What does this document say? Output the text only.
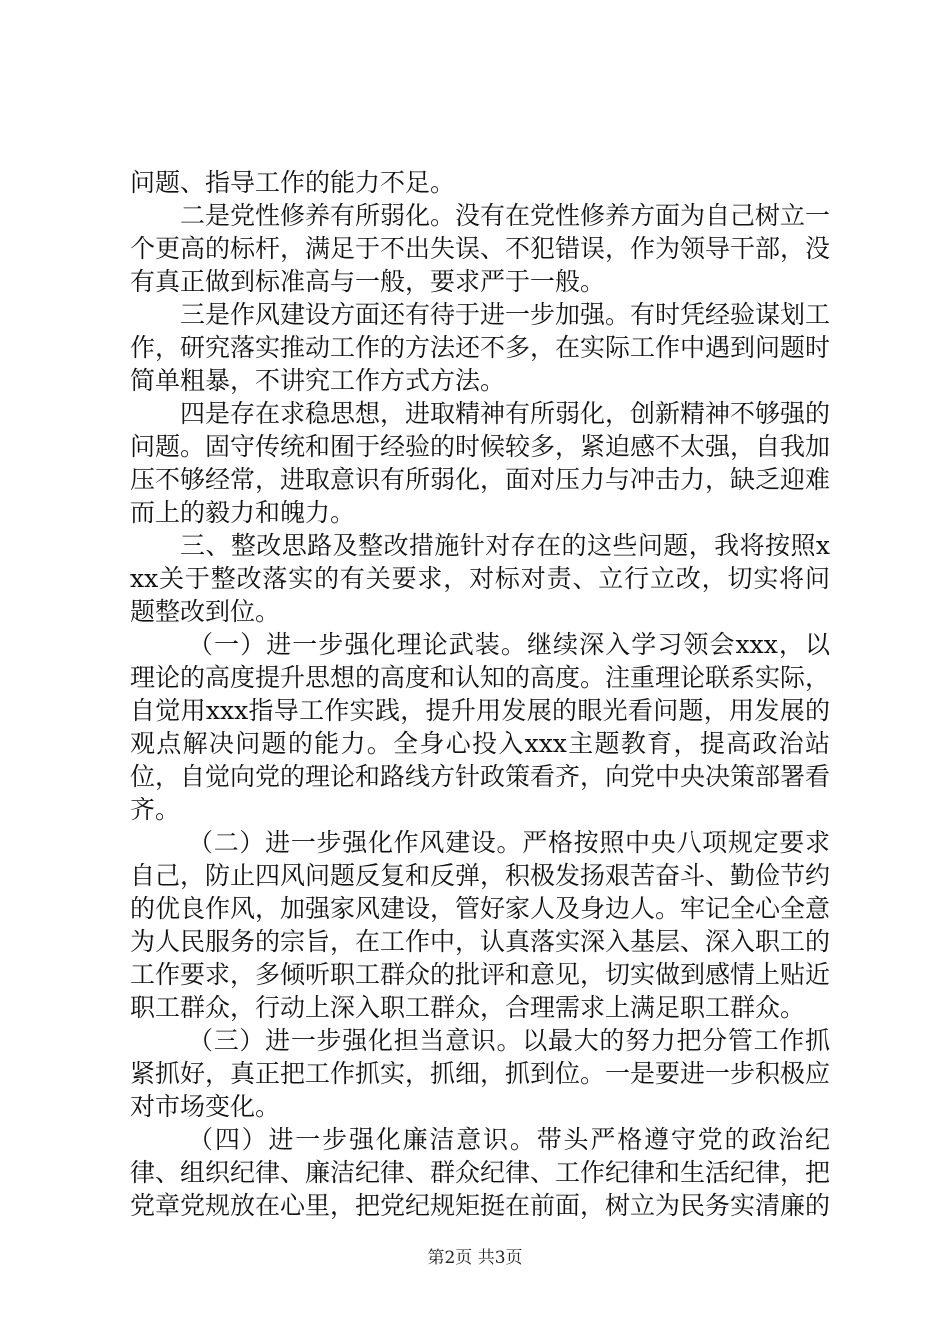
问题、指导工作的能力不足。

二是党性修养有所弱化。没有在党性修养方面为自己树立一个更高的标杆，满足于不出失误、不犯错误，作为领导干部，没有真正做到标准高与一般，要求严于一般。

三是作风建设方面还有待于进一步加强。有时凭经验谋划工作，研究落实推动工作的方法还不多，在实际工作中遇到问题时简单粗暴，不讲究工作方式方法。

四是存在求稳思想，进取精神有所弱化，创新精神不够强的问题。固守传统和囿于经验的时候较多，紧迫感不太强，自我加压不够经常，进取意识有所弱化，面对压力与冲击力，缺乏迎难而上的毅力和魄力。

三、整改思路及整改措施针对存在的这些问题，我将按照xxx关于整改落实的有关要求，对标对责、立行立改，切实将问题整改到位。

（一）进一步强化理论武装。继续深入学习领会xxx，以理论的高度提升思想的高度和认知的高度。注重理论联系实际，自觉用xxx指导工作实践，提升用发展的眼光看问题，用发展的观点解决问题的能力。全身心投入xxx主题教育，提高政治站位，自觉向党的理论和路线方针政策看齐，向党中央决策部署看齐。

（二）进一步强化作风建设。严格按照中央八项规定要求自己，防止四风问题反复和反弹，积极发扬艰苦奋斗、勤俭节约的优良作风，加强家风建设，管好家人及身边人。牢记全心全意为人民服务的宗旨，在工作中，认真落实深入基层、深入职工的工作要求，多倾听职工群众的批评和意见，切实做到感情上贴近职工群众，行动上深入职工群众，合理需求上满足职工群众。

（三）进一步强化担当意识。以最大的努力把分管工作抓紧抓好，真正把工作抓实，抓细，抓到位。一是要进一步积极应对市场变化。

（四）进一步强化廉洁意识。带头严格遵守党的政治纪律、组织纪律、廉洁纪律、群众纪律、工作纪律和生活纪律，把党章党规放在心里，把党纪规矩挺在前面，树立为民务实清廉的

第2页 共3页
